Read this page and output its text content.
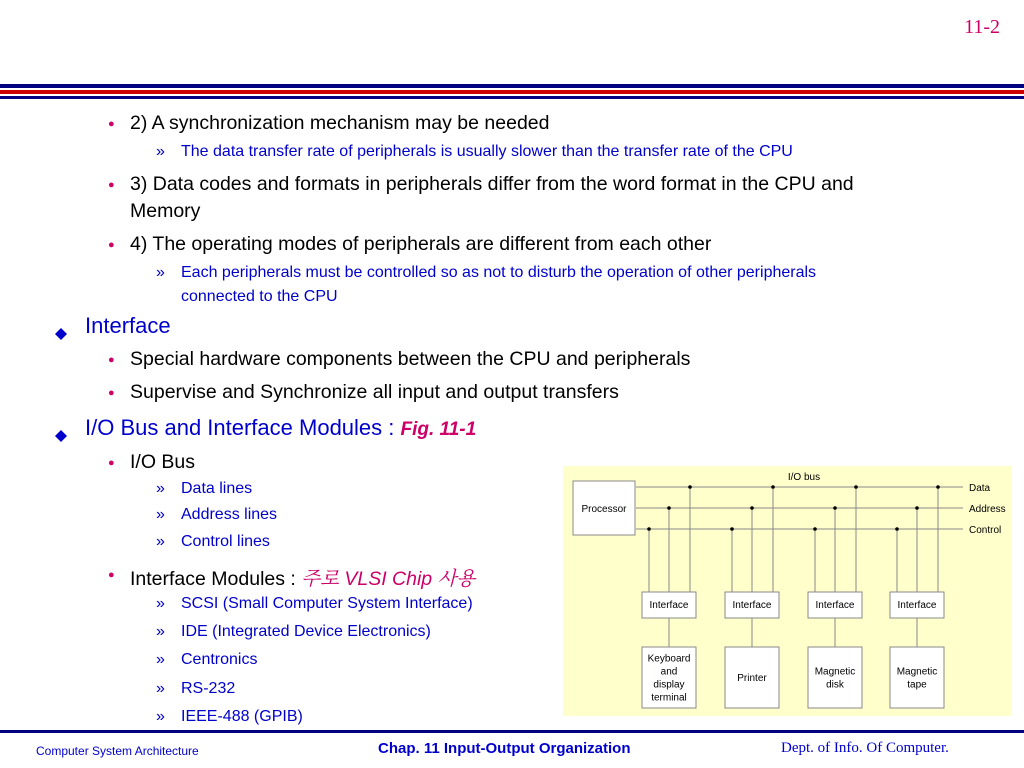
11-2
● 2) A synchronization mechanism may be needed
» The data transfer rate of peripherals is usually slower than the transfer rate of the CPU
● 3) Data codes and formats in peripherals differ from the word format in the CPU and
Memory
● 4) The operating modes of peripherals are different from each other
» Each peripherals must be controlled so as not to disturb the operation of other peripherals
connected to the CPU
Interface
● Special hardware components between the CPU and peripherals
● Supervise and Synchronize all input and output transfers
I/O Bus and Interface Modules : Fig. 11-1
● I/O Bus
» Data lines
» Address lines
» Control lines
● Interface Modules : 주로 VLSI Chip 사용
» SCSI (Small Computer System Interface)
» IDE (Integrated Device Electronics)
» Centronics
» RS-232
» IEEE-488 (GPIB)
I/O bus
Data
Address
Control
Processor
Interface
Keyboard and display terminal
Interface
Printer
Interface
Magnetic disk
Interface
Magnetic tape
Computer System Architecture	Chap. 11 Input-Output Organization	Dept. of Info. Of Computer.
